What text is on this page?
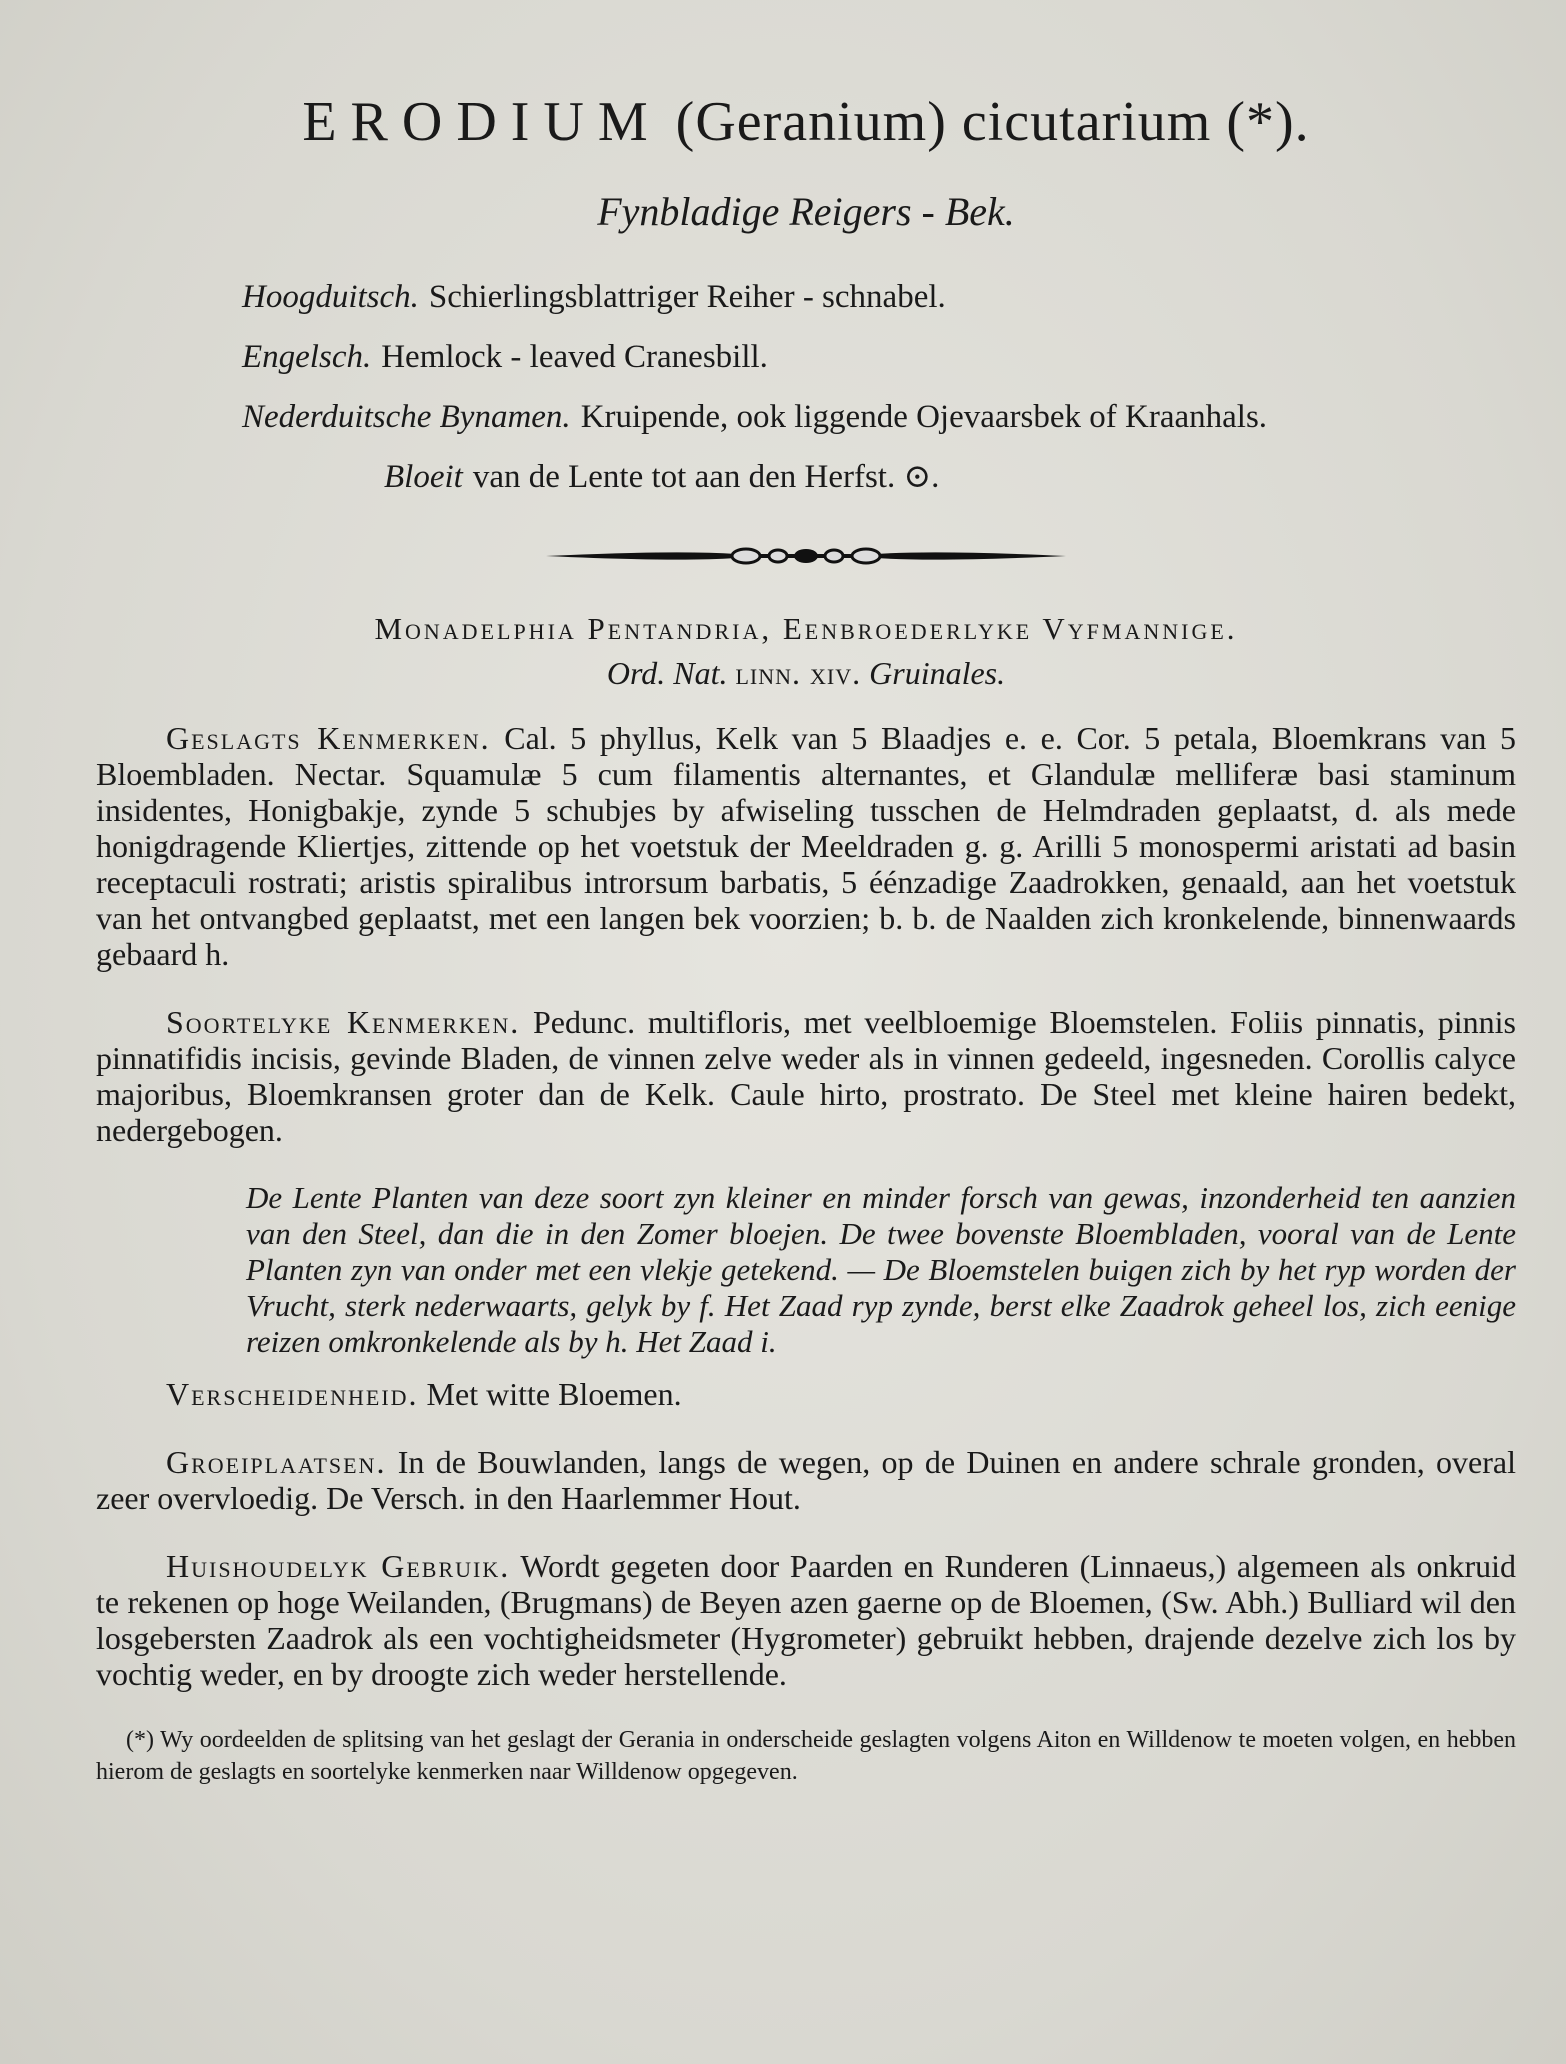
ERODIUM (Geranium) cicutarium (*).
Fynbladige Reigers - Bek.
Hoogduitsch. Schierlingsblattriger Reiher - schnabel.
Engelsch. Hemlock - leaved Cranesbill.
Nederduitsche Bynamen. Kruipende, ook liggende Ojevaarsbek of Kraanhals.
Bloeit van de Lente tot aan den Herfst. ⊙.
Monadelphia Pentandria, Eenbroederlyke Vyfmannige.
Ord. Nat. linn. xiv. Gruinales.

Geslagts Kenmerken. Cal. 5 phyllus, Kelk van 5 Blaadjes e. e. Cor. 5 petala, Bloemkrans van 5 Bloembladen. Nectar. Squamulæ 5 cum filamentis alternantes, et Glandulæ melliferæ basi staminum insidentes, Honigbakje, zynde 5 schubjes by afwiseling tusschen de Helmdraden geplaatst, d. als mede honigdragende Kliertjes, zittende op het voetstuk der Meeldraden g. g. Arilli 5 monospermi aristati ad basin receptaculi rostrati; aristis spiralibus introrsum barbatis, 5 éénzadige Zaadrokken, genaald, aan het voetstuk van het ontvangbed geplaatst, met een langen bek voorzien; b. b. de Naalden zich kronkelende, binnenwaards gebaard h.

Soortelyke Kenmerken. Pedunc. multifloris, met veelbloemige Bloemstelen. Foliis pinnatis, pinnis pinnatifidis incisis, gevinde Bladen, de vinnen zelve weder als in vinnen gedeeld, ingesneden. Corollis calyce majoribus, Bloemkransen groter dan de Kelk. Caule hirto, prostrato. De Steel met kleine hairen bedekt, nedergebogen.

De Lente Planten van deze soort zyn kleiner en minder forsch van gewas, inzonderheid ten aanzien van den Steel, dan die in den Zomer bloejen. De twee bovenste Bloembladen, vooral van de Lente Planten zyn van onder met een vlekje getekend. — De Bloemstelen buigen zich by het ryp worden der Vrucht, sterk nederwaarts, gelyk by f. Het Zaad ryp zynde, berst elke Zaadrok geheel los, zich eenige reizen omkronkelende als by h. Het Zaad i.

Verscheidenheid. Met witte Bloemen.

Groeiplaatsen. In de Bouwlanden, langs de wegen, op de Duinen en andere schrale gronden, overal zeer overvloedig. De Versch. in den Haarlemmer Hout.

Huishoudelyk Gebruik. Wordt gegeten door Paarden en Runderen (Linnaeus,) algemeen als onkruid te rekenen op hoge Weilanden, (Brugmans) de Beyen azen gaerne op de Bloemen, (Sw. Abh.) Bulliard wil den losgebersten Zaadrok als een vochtigheidsmeter (Hygrometer) gebruikt hebben, drajende dezelve zich los by vochtig weder, en by droogte zich weder herstellende.

(*) Wy oordeelden de splitsing van het geslagt der Gerania in onderscheide geslagten volgens Aiton en Willdenow te moeten volgen, en hebben hierom de geslagts en soortelyke kenmerken naar Willdenow opgegeven.
